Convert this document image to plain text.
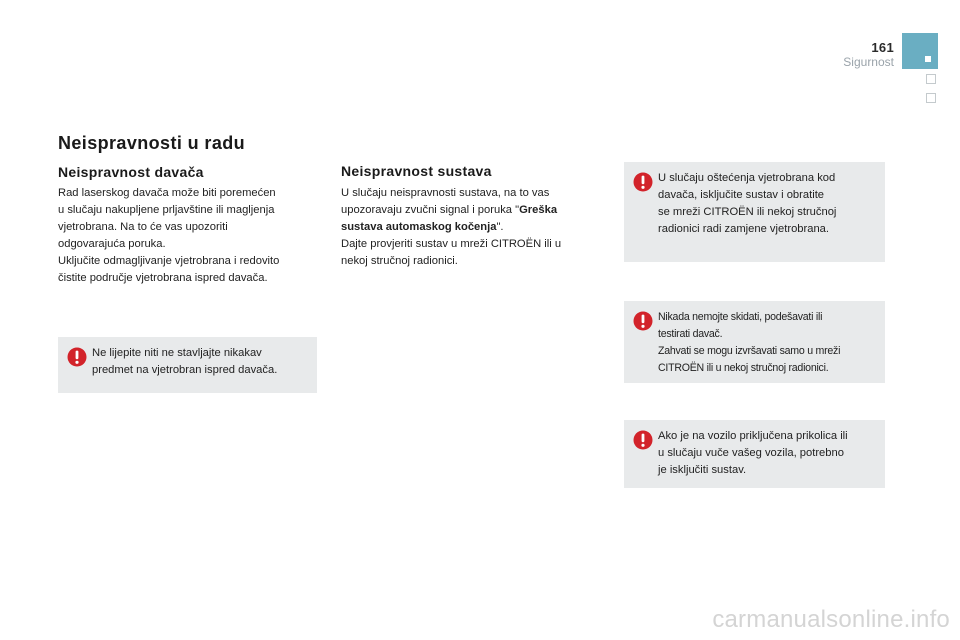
161
Sigurnost
Neispravnosti u radu
Neispravnost davača

Rad laserskog davača može biti poremećen
u slučaju nakupljene prljavštine ili magljenja
vjetrobrana. Na to će vas upozoriti
odgovarajuća poruka.
Uključite odmagljivanje vjetrobrana i redovito
čistite područje vjetrobrana ispred davača.

Ne lijepite niti ne stavljajte nikakav
predmet na vjetrobran ispred davača.
Neispravnost sustava

U slučaju neispravnosti sustava, na to vas
upozoravaju zvučni signal i poruka "Greška
sustava automaskog kočenja".
Dajte provjeriti sustav u mreži CITROËN ili u
nekoj stručnoj radionici.

U slučaju oštećenja vjetrobrana kod
davača, isključite sustav i obratite
se mreži CITROËN ili nekoj stručnoj
radionici radi zamjene vjetrobrana.
Nikada nemojte skidati, podešavati ili
testirati davač.
Zahvati se mogu izvršavati samo u mreži
CITROËN ili u nekoj stručnoj radionici.
Ako je na vozilo priključena prikolica ili
u slučaju vuče vašeg vozila, potrebno
je isključiti sustav.
carmanualsonline.info
